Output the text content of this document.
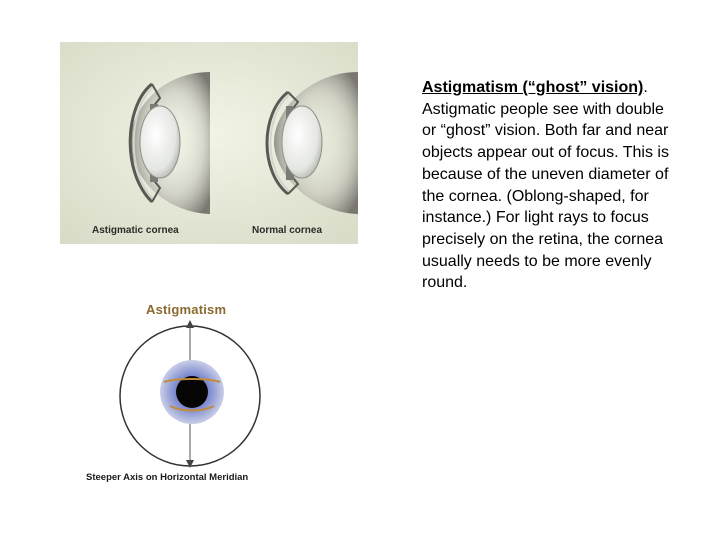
Astigmatic cornea	Normal cornea
Astigmatism
Steeper Axis on Horizontal Meridian
Astigmatism (“ghost” vision). Astigmatic people see with double or “ghost” vision. Both far and near objects appear out of focus. This is because of the uneven diameter of the cornea. (Oblong-shaped, for instance.) For light rays to focus precisely on the retina, the cornea usually needs to be more evenly round.
